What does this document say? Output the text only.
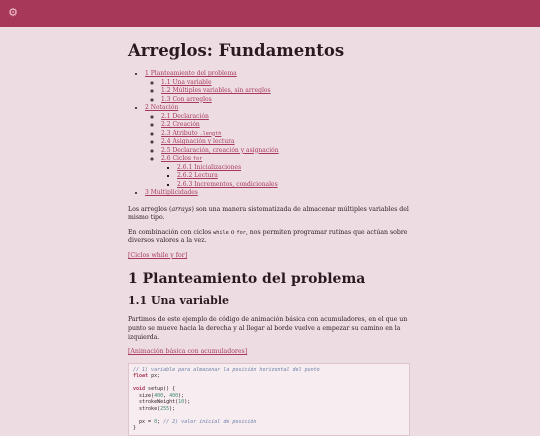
⚙
Arreglos: Fundamentos
• 1 Planteamiento del problema
◦ 1.1 Una variable
◦ 1.2 Múltiples variables, sin arreglos
◦ 1.3 Con arreglos
• 2 Notación
◦ 2.1 Declaración
◦ 2.2 Creación
◦ 2.3 Atributo .length
◦ 2.4 Asignación y lectura
◦ 2.5 Declaración, creación y asignación
◦ 2.6 Ciclos for
▪ 2.6.1 Inicializaciones
▪ 2.6.2 Lectura
▪ 2.6.3 Incrementos, condicionales
• 3 Multiplicidades

Los arreglos (arrays) son una manera sistematizada de almacenar múltiples variables del mismo tipo.

En combinación con ciclos while o for, nos permiten programar rutinas que actúan sobre diversos valores a la vez.

[Ciclos while y for]

1 Planteamiento del problema
1.1 Una variable

Partimos de este ejemplo de código de animación básica con acumuladores, en el que un punto se mueve hacia la derecha y al llegar al borde vuelve a empezar su camino en la izquierda.

[Animación básica con acumuladores]

// 1) variable para almacenar la posición horizontal del punto
float px;
void setup() {
size(400, 400);
strokeWeight(10);
stroke(255);
px = 0; // 2) valor inicial de posición
}
